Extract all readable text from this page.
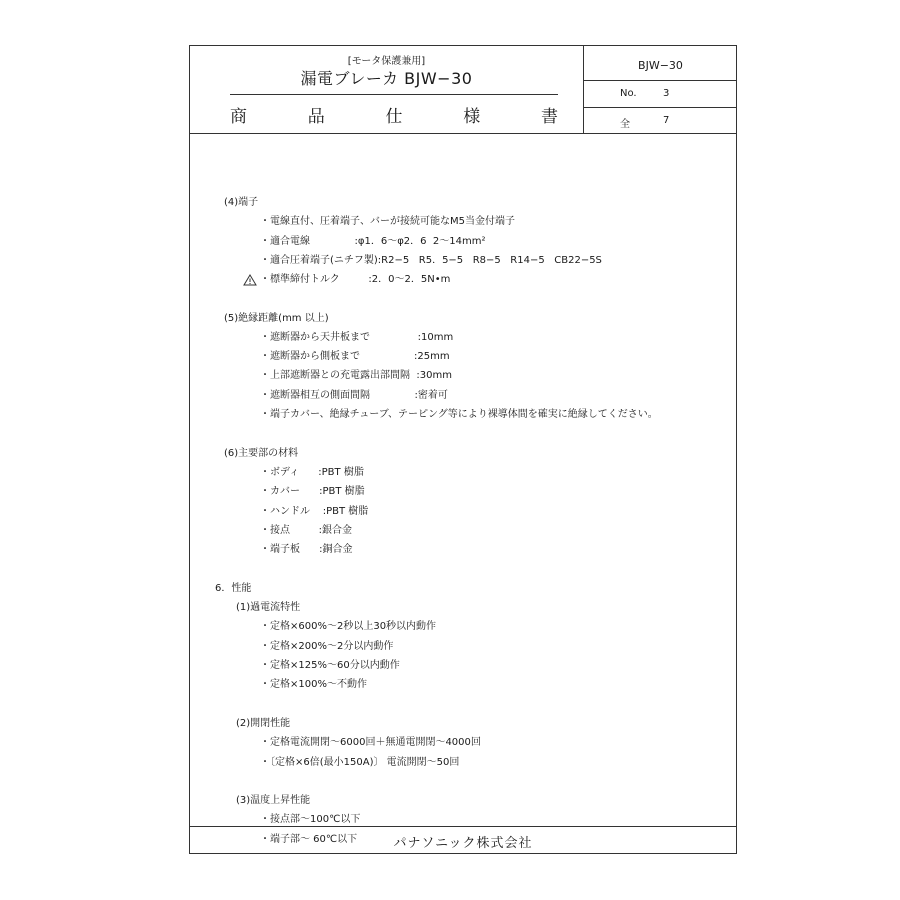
[モータ保護兼用]
漏電ブレーカ BJW−30
商	品	仕	様	書
BJW−30
No.	3
全	7
(4)端子
・電線直付、圧着端子、バーが接続可能なM5当金付端子
・適合電線              :φ1．6〜φ2．6  2〜14mm²
・適合圧着端子(ニチフ製):R2−5   R5．5−5   R8−5   R14−5   CB22−5S
・標準締付トルク         :2．0〜2．5N•m
(5)絶縁距離(mm 以上)
・遮断器から天井板まで               :10mm
・遮断器から側板まで                 :25mm
・上部遮断器との充電露出部間隔  :30mm
・遮断器相互の側面間隔              :密着可
・端子カバー、絶縁チューブ、テーピング等により裸導体間を確実に絶縁してください。
(6)主要部の材料
・ボディ      :PBT 樹脂
・カバー      :PBT 樹脂
・ハンドル    :PBT 樹脂
・接点         :銀合金
・端子板      :銅合金
6．性能
(1)過電流特性
・定格×600%〜2秒以上30秒以内動作
・定格×200%〜2分以内動作
・定格×125%〜60分以内動作
・定格×100%〜不動作
(2)開閉性能
・定格電流開閉〜6000回＋無通電開閉〜4000回
・〔定格×6倍(最小150A)〕 電流開閉〜50回
(3)温度上昇性能
・接点部〜100℃以下
・端子部〜 60℃以下	パナソニック株式会社
